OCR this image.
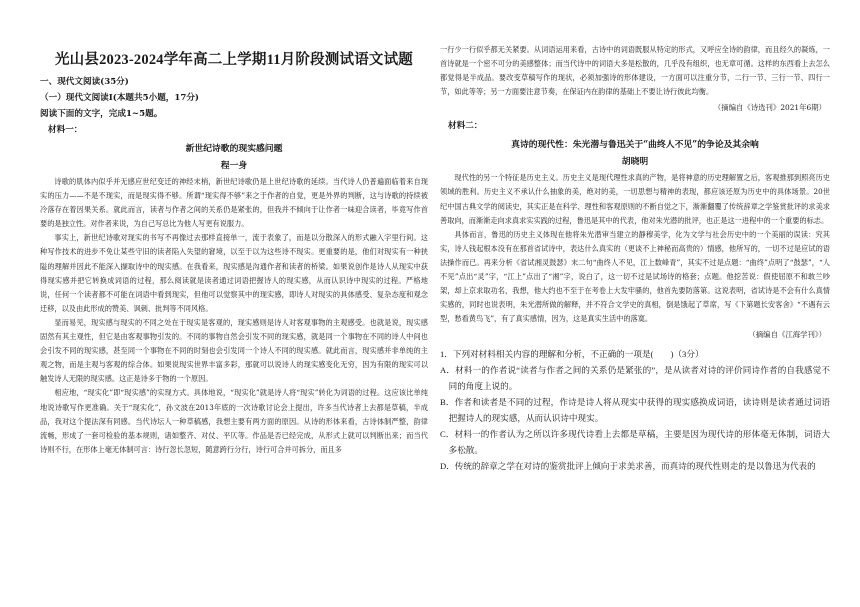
光山县2023-2024学年高二上学期11月阶段测试语文试题
一、现代文阅读(35分)
（一）现代文阅读I(本题共5小题，17分)
阅读下面的文字，完成1~5题。
材料一：
新世纪诗歌的现实感问题
程一身

诗歌的肌体内似乎并无感应世纪变迁的神经末梢，新世纪诗歌仍是上世纪诗歌的延续。当代诗人仍普遍面临着来自现实的压力——不是不现实，而是现实得不够。所谓“现实得不够”来之于作者的自觉，更是外界的判断，这与诗歌的持续被冷落存在着因果关系。就此而言，读者与作者之间的关系仍是紧张的，但我并不倾向于让作者一味迎合读者，毕竟写作首要的是独立性。对作者来说，为自己写总比为他人写更有说服力。

事实上，新世纪诗歌对现实的书写不再像过去那样直接单一，流于表象了，而是以分散深入的形式融入字里行间。这种写作技术的进步不免让某些守旧的读者陷入失望的窘境，以至于以为这些诗不现实。更重要的是，他们对现实有一种狭隘的理解并因此不能深入撷取诗中的现实感。在我看来，现实感是沟通作者和读者的桥梁。如果说创作是诗人从现实中获得现实感并把它转换成词语的过程，那么阅读就是读者通过词语把握诗人的现实感，从而认识诗中现实的过程。严格地说，任何一个读者都不可能在词语中看到现实，但他可以觉察其中的现实感，即诗人对现实的具体感受、复杂态度和观念迁移，以及由此形成的赞美、讽刺、批判等不同风格。

显而易见，现实感与现实的不同之处在于现实是客观的，现实感则是诗人对客观事物的主观感受。也就是说，现实感固然有其主观性，但它是由客观事物引发的。不同的事物自然会引发不同的现实感，就是同一个事物在不同的诗人中间也会引发不同的现实感，甚至同一个事物在不同的时刻也会引发同一个诗人不同的现实感。就此而言，现实感并非单纯的主观之物，而是主观与客观的综合体。如果说现实世界丰富多彩，那就可以说诗人的现实感变化无穷，因为有限的现实可以触发诗人无限的现实感。这正是诗多于物的一个原因。

相应地，“现实化”即“现实感”的实现方式。具体地说，“现实化”就是诗人将“现实”转化为词语的过程。这应该比单纯地说诗歌写作更准确。关于“现实化”，孙文波在2013年底的一次诗歌讨论会上提出，许多当代诗者上去都是草稿，半成品，我对这个提法深有同感。当代诗坛人一种草稿感，我想主要有两方面的原因。从诗的形体来看，古诗体制严整，韵律流畅，形成了一套可检验的基本规则，诸如整齐、对仗、平仄等。作品是否已经完成，从形式上就可以判断出来；而当代诗则不行，在形体上毫无体制可言：诗行忽长忽短，随意跨行分行，诗行可合并可拆分，而且多

一行少一行似乎都无关紧要。从词语运用来看，古诗中的词语既服从特定的形式，又呼应全诗的韵律，而且经久的凝炼，一首诗就是一个密不可分的美感整体；而当代诗中的词语大多是松散的，几乎没有组织，也无章可循。这样的东西看上去怎么都觉得是半成品。要改变草稿写作的现状，必须加强诗的形体建设，一方面可以注重分节，二行一节、三行一节、四行一节，如此等等；另一方面要注意节奏，在保证内在韵律的基础上不要让诗行彼此均衡。

（摘编自《诗选刊》2021年6期）
材料二：
真诗的现代性：朱光潜与鲁迅关于“曲终人不见”的争论及其余响
胡晓明

现代性的另一个特征是历史主义。历史主义是现代理性求真的产物，是将神意的历史理解置之后，客观推那到照亮历史领域的胜利。历史主义不承认什么抽象的美，绝对的美，一切思想与精神的表现，都应该还原为历史中的具体场景。20世纪中国古典文学的阅读史，其实正是在科学、理性和客观原则的不断自觉之下，渐渐翻覆了传统辞章之学鉴赏批评的求美求善取向，而渐渐走向求真求实实践的过程，鲁迅是其中的代表，他对朱光潜的批评，也正是这一进程中的一个重要的标志。

具体而言，鲁迅的历史主义体现在他将朱光潜审当建立的静穆美学，化为文学与社会历史中的一个美丽的误读：究其实，诗人钱起根本没有在那首省试诗中，表达什么真实的（更谈不上神秘而高贵的）情感，他所写的，一切不过是应试的语法操作而已。再来分析《省试湘灵鼓瑟》末二句“曲终人不见，江上数峰青”，其实不过是点题：“曲终”点明了“鼓瑟”，“人不见”点出“灵”字，“江上”点出了“湘”字，说白了，这一切不过是试场诗的格套；点题。他挖苦说：假使屈原不和敢兰吵架，却上京求取功名，我想，他大约也不至于在考卷上大发牢骚的，他首先要防落第。这说表明，省试诗是不会有什么真情实感的，同时也说表明，朱光潜所做的解释，并不符合文学史的真相，倒是饿起了草席，写《下第题长安客舍》“不遇有云型，愁看黄鸟飞”，有了真实感情，因为，这是真实生活中的落寞。

（摘编自《江海学刊》）

1．下列对材料相关内容的理解和分析，不正确的一项是(　　)（3分）

A．材料一的作者说“读者与作者之间的关系仍是紧张的”，是从读者对诗的评价同诗作者的自我感觉不同的角度上说的。

B．作者和读者是不同的过程，作诗是诗人将从现实中获得的现实感换成词语，读诗则是读者通过词语把握诗人的现实感，从而认识诗中现实。

C．材料一的作者认为之所以许多现代诗看上去都是草稿，主要是因为现代诗的形体毫无体制，词语大多松散。

D．传统的辞章之学在对诗的鉴赏批评上倾向于求美求善，而真诗的现代性则走的是以鲁迅为代表的
